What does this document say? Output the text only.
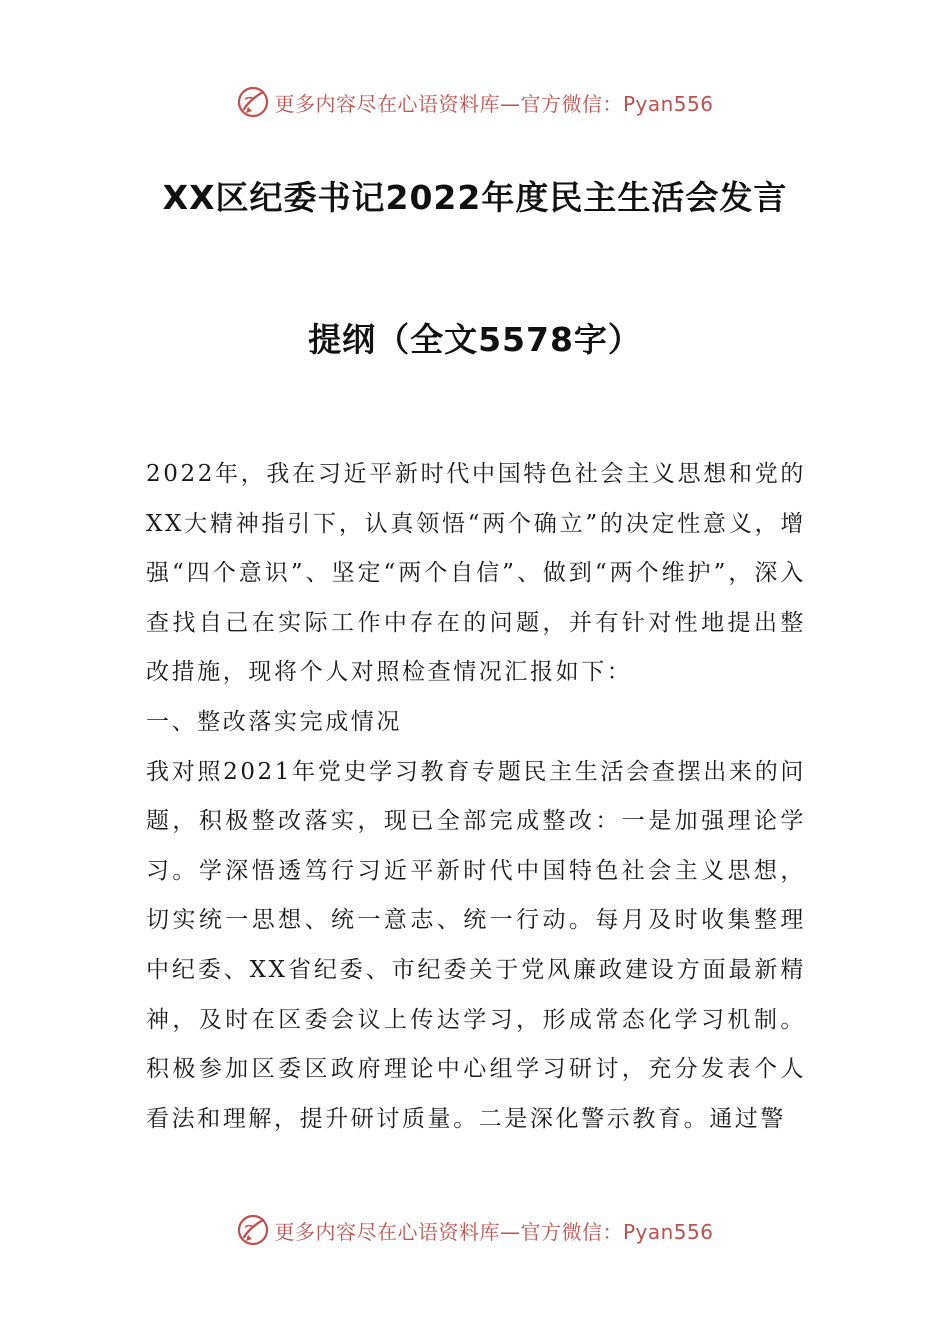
更多内容尽在心语资料库—官方微信：Pyan556
XX区纪委书记2022年度民主生活会发言
提纲（全文5578字）

2022年，我在习近平新时代中国特色社会主义思想和党的XX大精神指引下，认真领悟“两个确立”的决定性意义，增强“四个意识”、坚定“两个自信”、做到“两个维护”，深入查找自己在实际工作中存在的问题，并有针对性地提出整改措施，现将个人对照检查情况汇报如下：

一、整改落实完成情况

我对照2021年党史学习教育专题民主生活会查摆出来的问题，积极整改落实，现已全部完成整改：一是加强理论学习。学深悟透笃行习近平新时代中国特色社会主义思想，切实统一思想、统一意志、统一行动。每月及时收集整理中纪委、XX省纪委、市纪委关于党风廉政建设方面最新精神，及时在区委会议上传达学习，形成常态化学习机制。积极参加区委区政府理论中心组学习研讨，充分发表个人看法和理解，提升研讨质量。二是深化警示教育。通过警

更多内容尽在心语资料库—官方微信：Pyan556
